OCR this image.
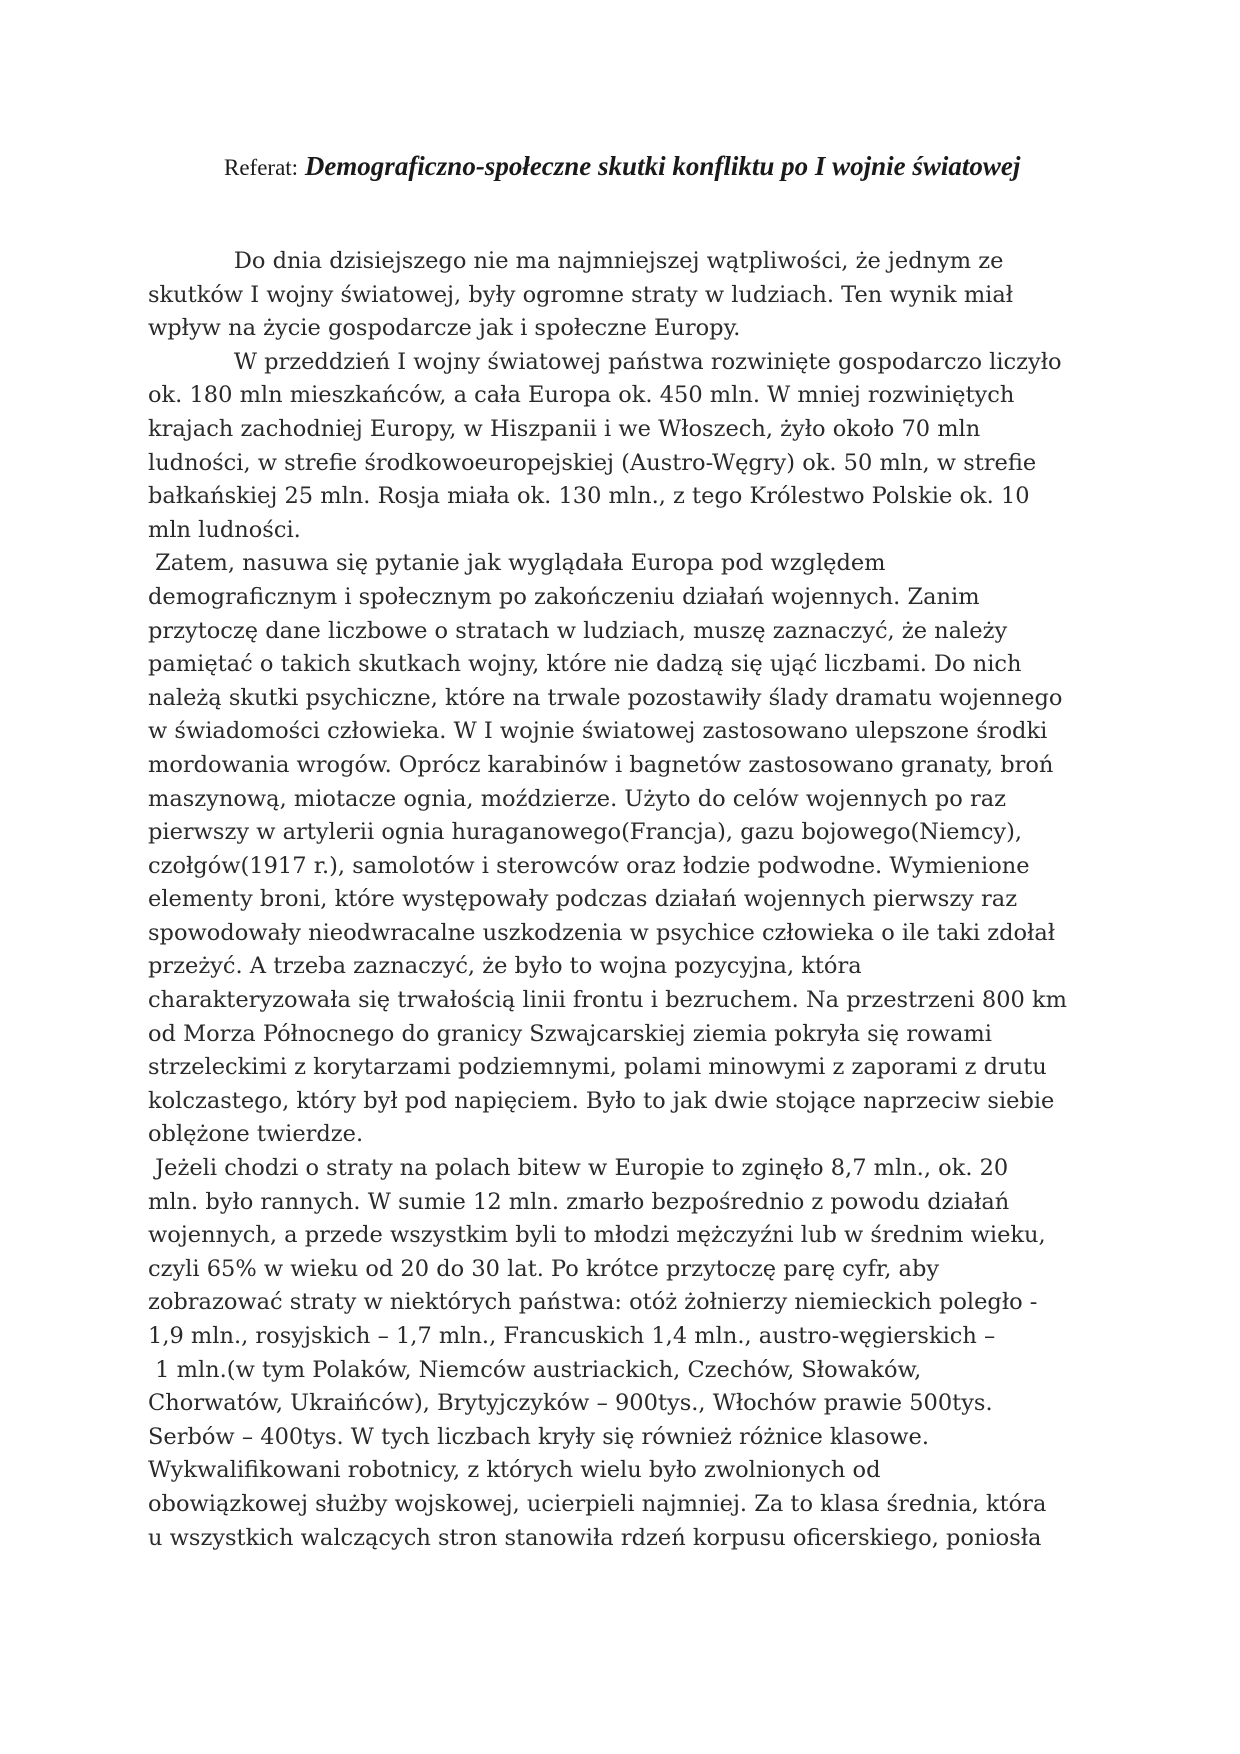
Referat: Demograficzno-społeczne skutki konfliktu po I wojnie światowej
Do dnia dzisiejszego nie ma najmniejszej wątpliwości, że jednym ze
skutków I wojny światowej, były ogromne straty w ludziach. Ten wynik miał
wpływ na życie gospodarcze jak i społeczne Europy.
W przeddzień I wojny światowej państwa rozwinięte gospodarczo liczyło
ok. 180 mln mieszkańców, a cała Europa ok. 450 mln. W mniej rozwiniętych
krajach zachodniej Europy, w Hiszpanii i we Włoszech, żyło około 70 mln
ludności, w strefie środkowoeuropejskiej (Austro-Węgry) ok. 50 mln, w strefie
bałkańskiej 25 mln. Rosja miała ok. 130 mln., z tego Królestwo Polskie ok. 10
mln ludności.
Zatem, nasuwa się pytanie jak wyglądała Europa pod względem
demograficznym i społecznym po zakończeniu działań wojennych. Zanim
przytoczę dane liczbowe o stratach w ludziach, muszę zaznaczyć, że należy
pamiętać o takich skutkach wojny, które nie dadzą się ująć liczbami. Do nich
należą skutki psychiczne, które na trwale pozostawiły ślady dramatu wojennego
w świadomości człowieka. W I wojnie światowej zastosowano ulepszone środki
mordowania wrogów. Oprócz karabinów i bagnetów zastosowano granaty, broń
maszynową, miotacze ognia, moździerze. Użyto do celów wojennych po raz
pierwszy w artylerii ognia huraganowego(Francja), gazu bojowego(Niemcy),
czołgów(1917 r.), samolotów i sterowców oraz łodzie podwodne. Wymienione
elementy broni, które występowały podczas działań wojennych pierwszy raz
spowodowały nieodwracalne uszkodzenia w psychice człowieka o ile taki zdołał
przeżyć. A trzeba zaznaczyć, że było to wojna pozycyjna, która
charakteryzowała się trwałością linii frontu i bezruchem. Na przestrzeni 800 km
od Morza Północnego do granicy Szwajcarskiej ziemia pokryła się rowami
strzeleckimi z korytarzami podziemnymi, polami minowymi z zaporami z drutu
kolczastego, który był pod napięciem. Było to jak dwie stojące naprzeciw siebie
oblężone twierdze.
Jeżeli chodzi o straty na polach bitew w Europie to zginęło 8,7 mln., ok. 20
mln. było rannych. W sumie 12 mln. zmarło bezpośrednio z powodu działań
wojennych, a przede wszystkim byli to młodzi mężczyźni lub w średnim wieku,
czyli 65% w wieku od 20 do 30 lat. Po krótce przytoczę parę cyfr, aby
zobrazować straty w niektórych państwa: otóż żołnierzy niemieckich poległo -
1,9 mln., rosyjskich – 1,7 mln., Francuskich 1,4 mln., austro-węgierskich –
1 mln.(w tym Polaków, Niemców austriackich, Czechów, Słowaków,
Chorwatów, Ukraińców), Brytyjczyków – 900tys., Włochów prawie 500tys.
Serbów – 400tys. W tych liczbach kryły się również różnice klasowe.
Wykwalifikowani robotnicy, z których wielu było zwolnionych od
obowiązkowej służby wojskowej, ucierpieli najmniej. Za to klasa średnia, która
u wszystkich walczących stron stanowiła rdzeń korpusu oficerskiego, poniosła
